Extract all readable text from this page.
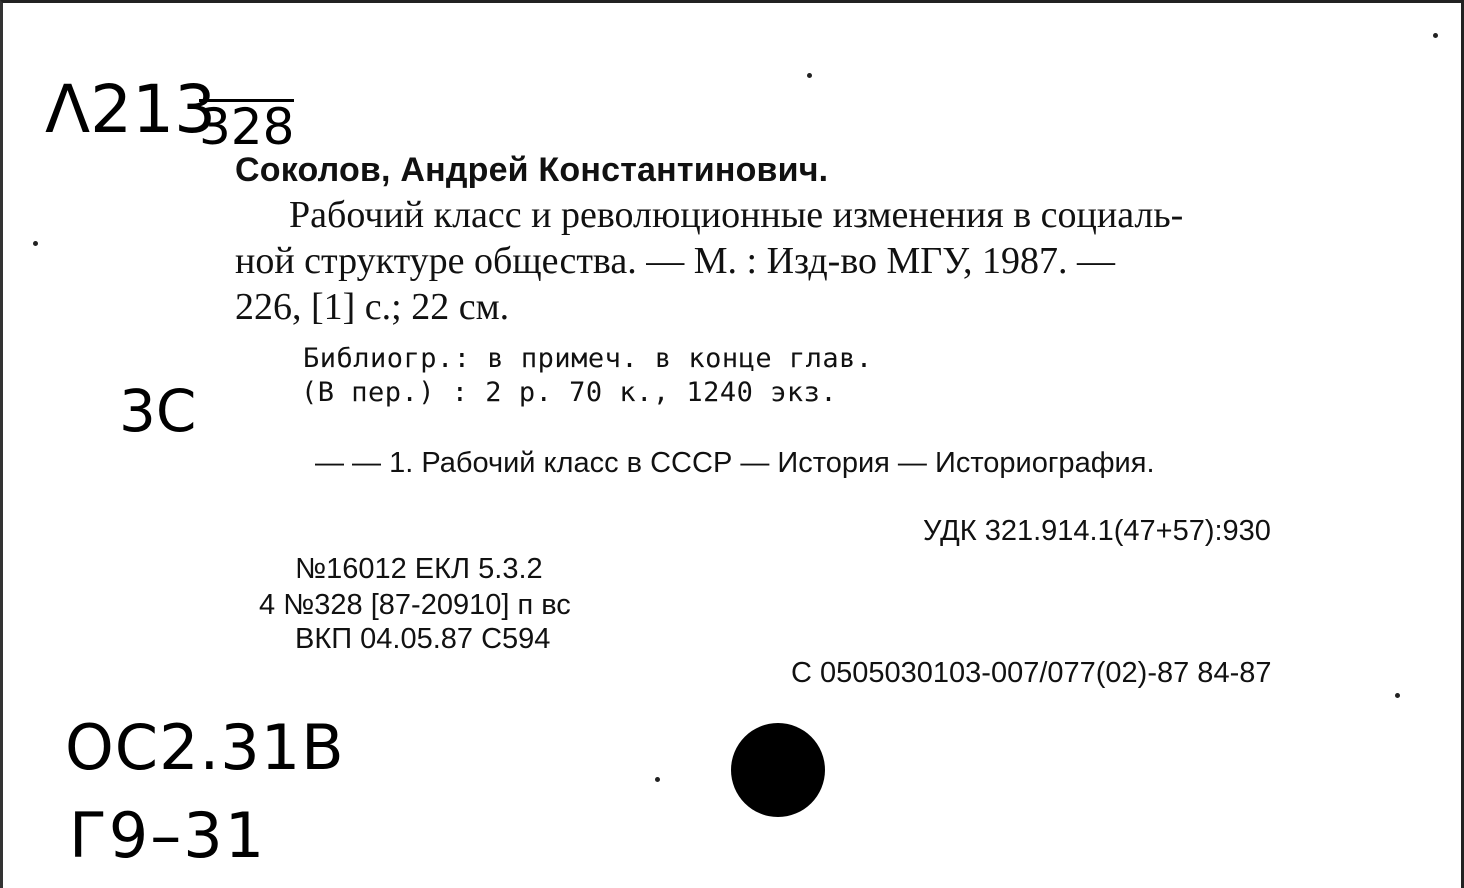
Λ213
328
Соколов, Андрей Константинович.
Рабочий класс и революционные изменения в социаль-
ной структуре общества. — М. : Изд-во МГУ, 1987. —
226, [1] с.; 22 см.
Библиогр.: в примеч. в конце глав.
(В пер.) : 2 р. 70 к., 1240 экз.
3С
— — 1. Рабочий класс в СССР — История — Историография.
УДК 321.914.1(47+57):930
№16012 ЕКЛ 5.3.2
4 №328 [87-20910] п вс
ВКП 04.05.87 С594
С 0505030103-007/077(02)-87 84-87
ОС2.31В
Г9–31
